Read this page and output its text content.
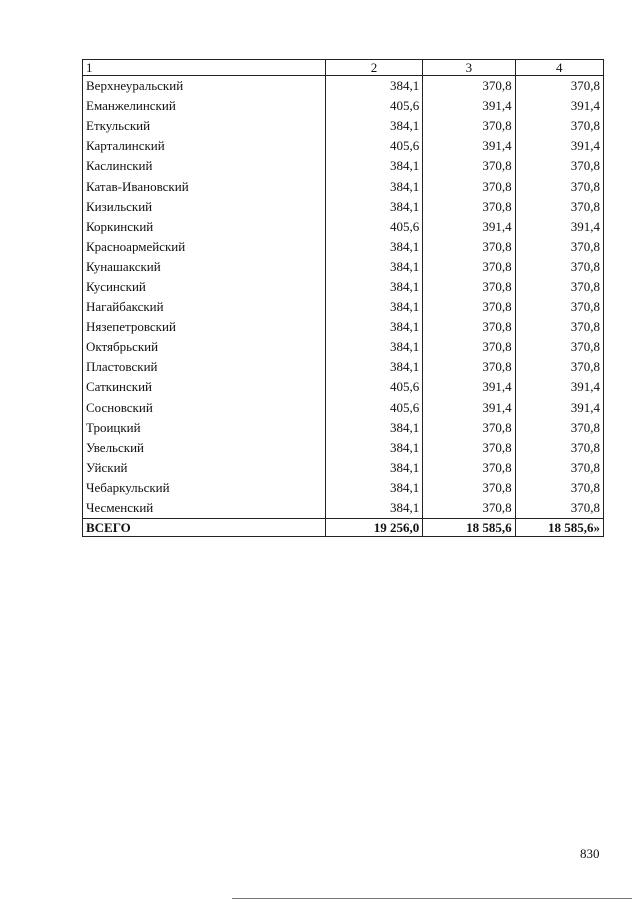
1	2	3	4
Верхнеуральский	384,1	370,8	370,8
Еманжелинский	405,6	391,4	391,4
Еткульский	384,1	370,8	370,8
Карталинский	405,6	391,4	391,4
Каслинский	384,1	370,8	370,8
Катав-Ивановский	384,1	370,8	370,8
Кизильский	384,1	370,8	370,8
Коркинский	405,6	391,4	391,4
Красноармейский	384,1	370,8	370,8
Кунашакский	384,1	370,8	370,8
Кусинский	384,1	370,8	370,8
Нагайбакский	384,1	370,8	370,8
Нязепетровский	384,1	370,8	370,8
Октябрьский	384,1	370,8	370,8
Пластовский	384,1	370,8	370,8
Саткинский	405,6	391,4	391,4
Сосновский	405,6	391,4	391,4
Троицкий	384,1	370,8	370,8
Увельский	384,1	370,8	370,8
Уйский	384,1	370,8	370,8
Чебаркульский	384,1	370,8	370,8
Чесменский	384,1	370,8	370,8
ВСЕГО	19 256,0	18 585,6	18 585,6»
830
